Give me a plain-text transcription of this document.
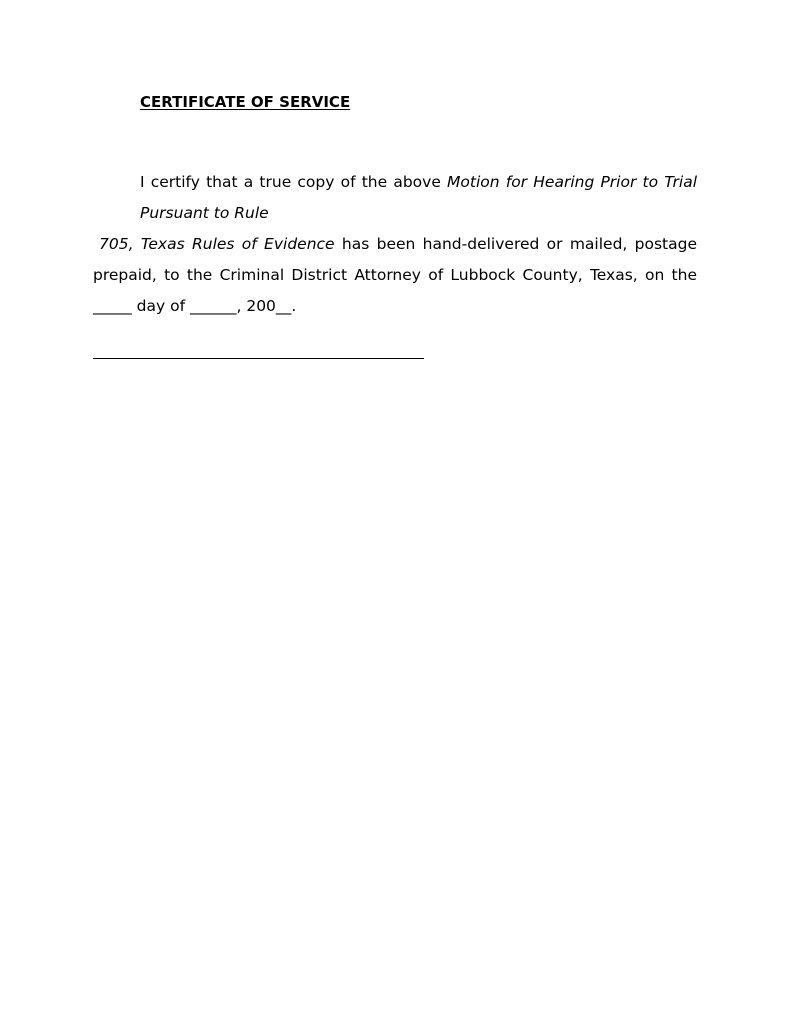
CERTIFICATE OF SERVICE
I certify that a true copy of the above Motion for Hearing Prior to Trial
Pursuant to Rule
705, Texas Rules of Evidence has been hand-delivered or mailed, postage
prepaid, to the Criminal District Attorney of Lubbock County, Texas, on the
_____ day of ______, 200__.
